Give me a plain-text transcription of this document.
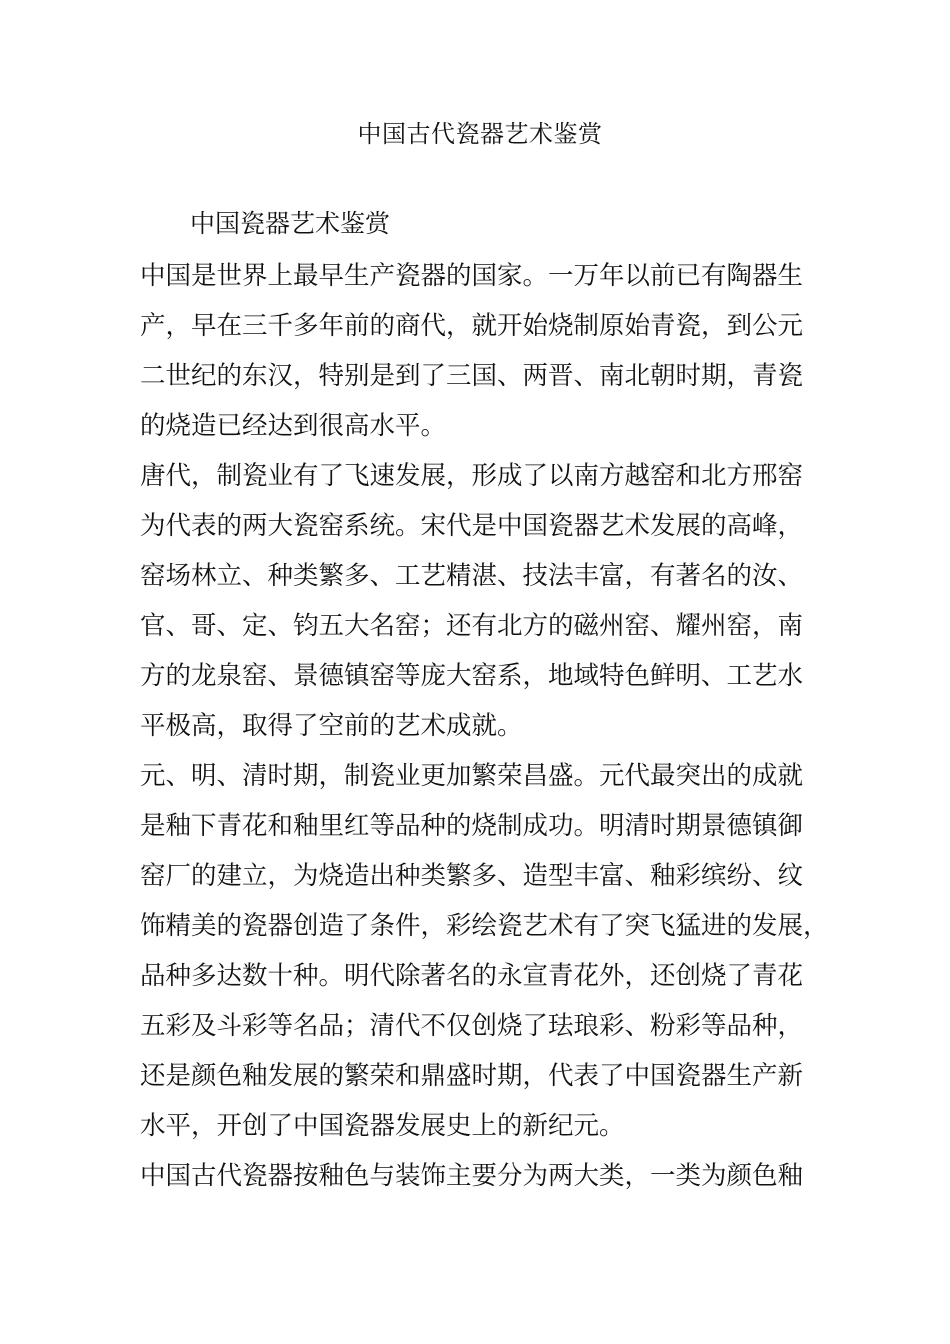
中国古代瓷器艺术鉴赏
中国瓷器艺术鉴赏
中国是世界上最早生产瓷器的国家。一万年以前已有陶器生
产，早在三千多年前的商代，就开始烧制原始青瓷，到公元
二世纪的东汉，特别是到了三国、两晋、南北朝时期，青瓷
的烧造已经达到很高水平。
唐代，制瓷业有了飞速发展，形成了以南方越窑和北方邢窑
为代表的两大瓷窑系统。宋代是中国瓷器艺术发展的高峰，
窑场林立、种类繁多、工艺精湛、技法丰富，有著名的汝、
官、哥、定、钧五大名窑；还有北方的磁州窑、耀州窑，南
方的龙泉窑、景德镇窑等庞大窑系，地域特色鲜明、工艺水
平极高，取得了空前的艺术成就。
元、明、清时期，制瓷业更加繁荣昌盛。元代最突出的成就
是釉下青花和釉里红等品种的烧制成功。明清时期景德镇御
窑厂的建立，为烧造出种类繁多、造型丰富、釉彩缤纷、纹
饰精美的瓷器创造了条件，彩绘瓷艺术有了突飞猛进的发展，
品种多达数十种。明代除著名的永宣青花外，还创烧了青花
五彩及斗彩等名品；清代不仅创烧了珐琅彩、粉彩等品种，
还是颜色釉发展的繁荣和鼎盛时期，代表了中国瓷器生产新
水平，开创了中国瓷器发展史上的新纪元。
中国古代瓷器按釉色与装饰主要分为两大类，一类为颜色釉
